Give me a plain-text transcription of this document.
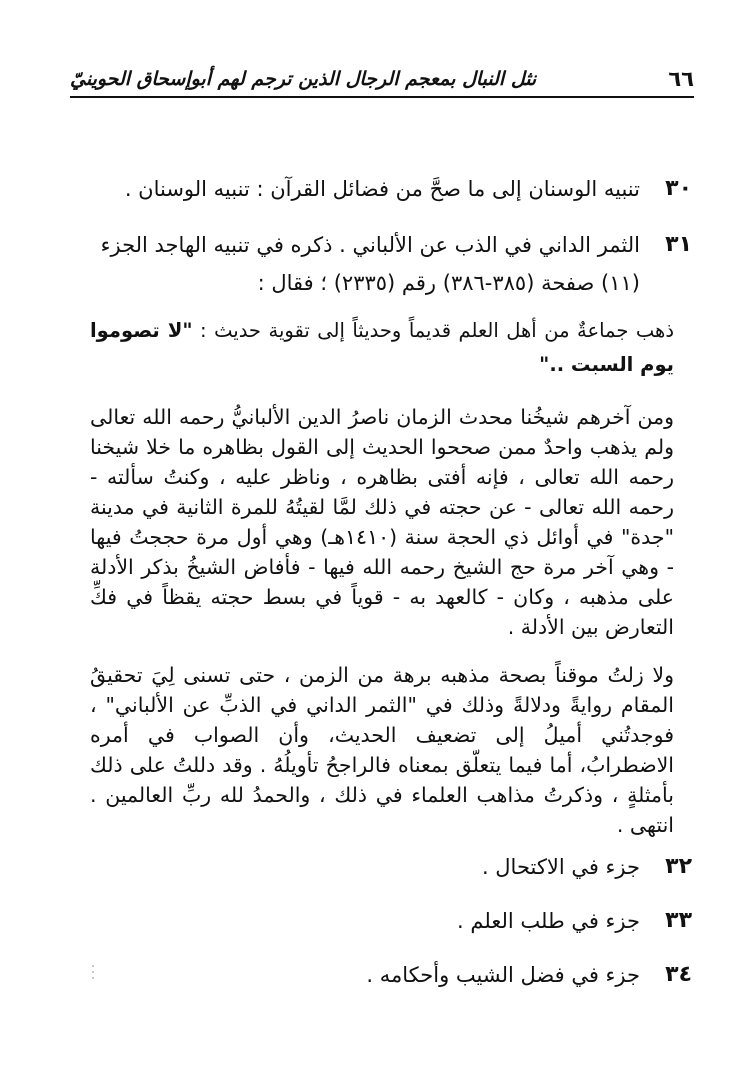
٦٦
نثل النبال بمعجم الرجال الذين ترجم لهم أبوإسحاق الحوينيّ
٣٠
تنبيه الوسنان إلى ما صحَّ من فضائل القرآن : تنبيه الوسنان .
٣١
الثمر الداني في الذب عن الألباني . ذكره في تنبيه الهاجد الجزء (١١) صفحة (٣٨٥-٣٨٦) رقم (٢٣٣٥) ؛ فقال :
ذهب جماعةٌ من أهل العلم قديماً وحديثاً إلى تقوية حديث : "لا تصوموا يوم السبت .."
ومن آخرهم شيخُنا محدث الزمان ناصرُ الدين الألبانيُّ رحمه الله تعالى ولم يذهب واحدٌ ممن صححوا الحديث إلى القول بظاهره ما خلا شيخنا رحمه الله تعالى ، فإنه أفتى بظاهره ، وناظر عليه ، وكنتُ سألته - رحمه الله تعالى - عن حجته في ذلك لمَّا لقيتُهُ للمرة الثانية في مدينة "جدة" في أوائل ذي الحجة سنة (١٤١٠هـ) وهي أول مرة حججتُ فيها - وهي آخر مرة حج الشيخ رحمه الله فيها - فأفاض الشيخُ بذكر الأدلة على مذهبه ، وكان - كالعهد به - قوياً في بسط حجته يقظاً في فكِّ التعارض بين الأدلة .
ولا زلتُ موقناً بصحة مذهبه برهة من الزمن ، حتى تسنى لِيَ تحقيقُ المقام روايةً ودلالةً وذلك في "الثمر الداني في الذبِّ عن الألباني" ، فوجدتُني أميلُ إلى تضعيف الحديث، وأن الصواب في أمره الاضطرابُ، أما فيما يتعلّق بمعناه فالراجحُ تأويلُهُ . وقد دللتُ على ذلك بأمثلةٍ ، وذكرتُ مذاهب العلماء في ذلك ، والحمدُ لله ربِّ العالمين . انتهى .
٣٢
جزء في الاكتحال .
٣٣
جزء في طلب العلم .
٣٤
جزء في فضل الشيب وأحكامه .
